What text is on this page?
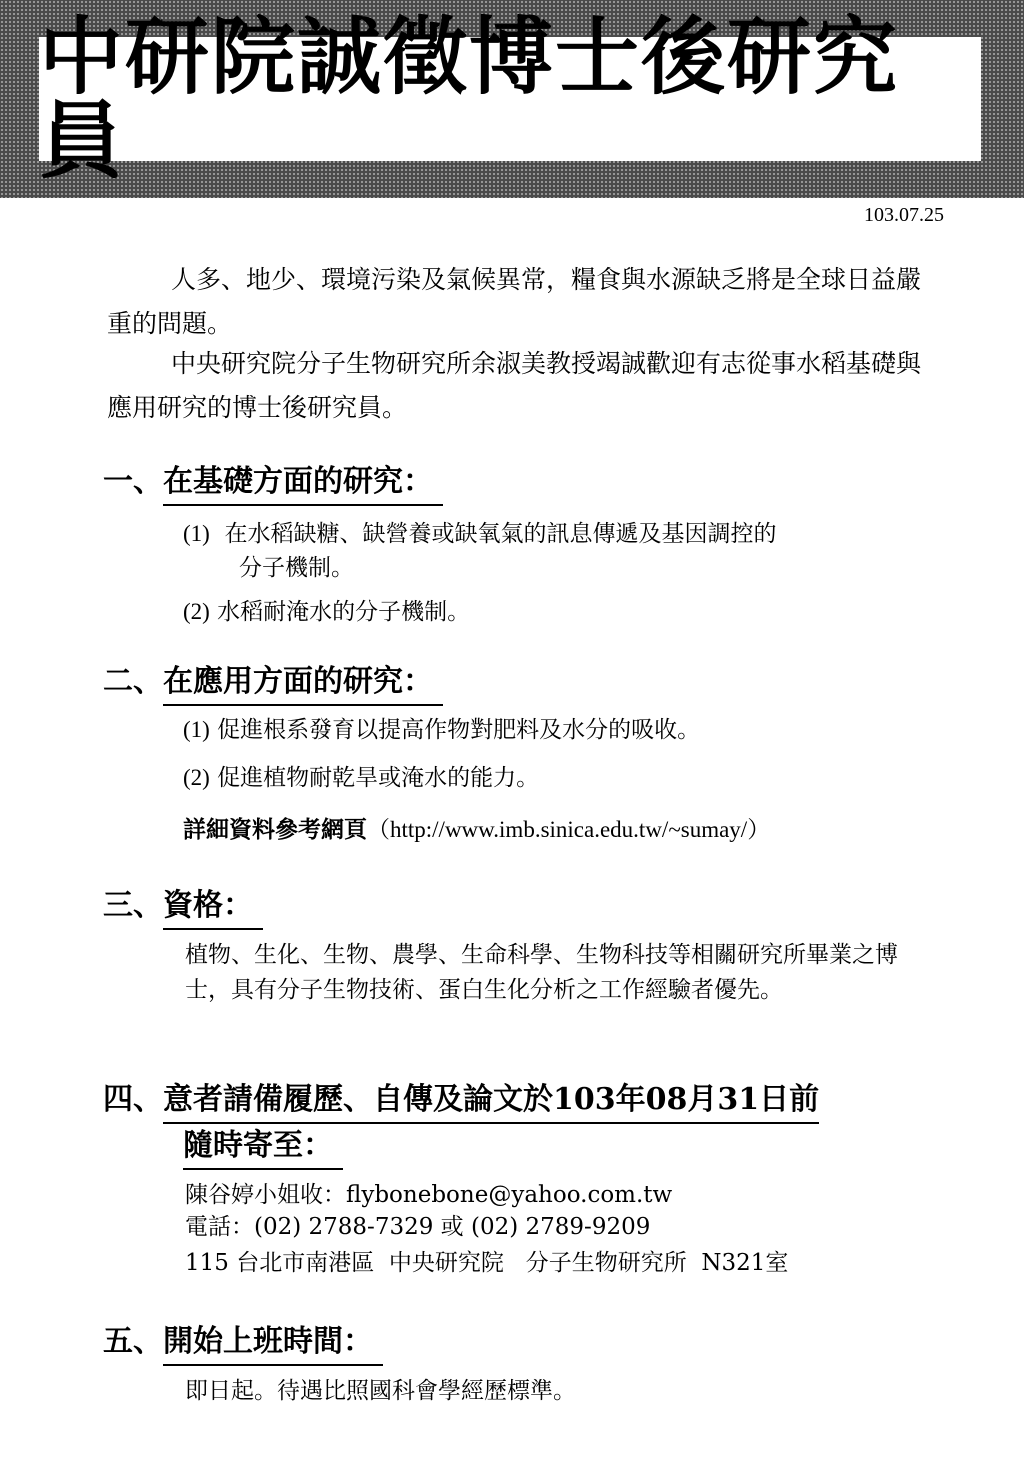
中研院誠徵博士後研究員
103.07.25
人多、地少、環境污染及氣候異常，糧食與水源缺乏將是全球日益嚴重的問題。
中央研究院分子生物研究所余淑美教授竭誠歡迎有志從事水稻基礎與應用研究的博士後研究員。
一、 在基礎方面的研究：
(1) 在水稻缺糖、缺營養或缺氧氣的訊息傳遞及基因調控的
分子機制。
(2) 水稻耐淹水的分子機制。
二、 在應用方面的研究：
(1) 促進根系發育以提高作物對肥料及水分的吸收。
(2) 促進植物耐乾旱或淹水的能力。
詳細資料參考網頁（http://www.imb.sinica.edu.tw/~sumay/）
三、 資格：
植物、生化、生物、農學、生命科學、生物科技等相關研究所畢業之博士，具有分子生物技術、蛋白生化分析之工作經驗者優先。
四、 意者請備履歷、自傳及論文於103年08月31日前
隨時寄至：
陳谷婷小姐收：flybonebone@yahoo.com.tw
電話：(02) 2788-7329 或 (02) 2789-9209
115 台北市南港區  中央研究院   分子生物研究所  N321室
五、 開始上班時間：
即日起。待遇比照國科會學經歷標準。
